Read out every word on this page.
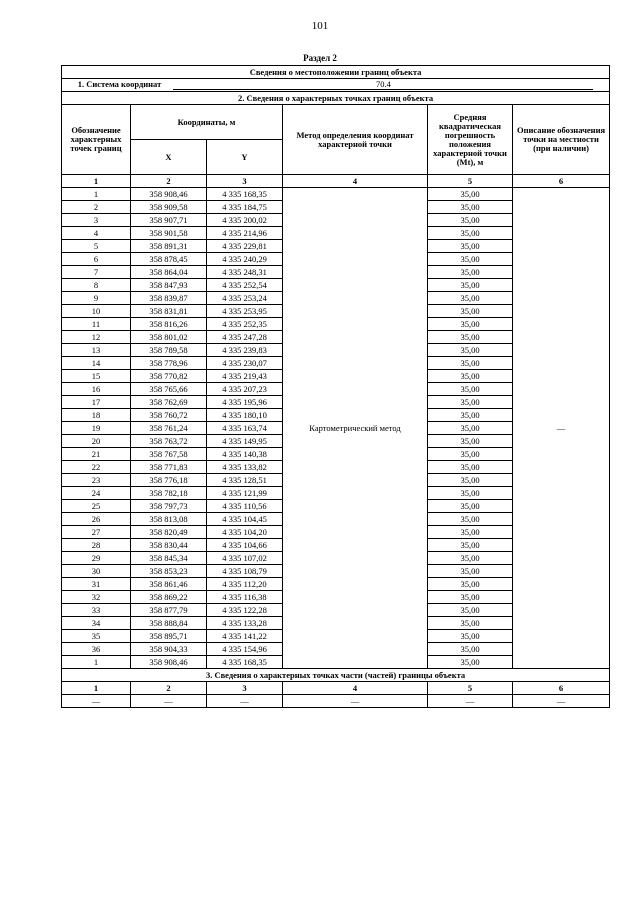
101
Раздел 2
Сведения о местоположении границ объекта					
1. Система координат 70.4					
2. Сведения о характерных точках границ объекта					
Обозначение характерных точек границ	Координаты, м		Метод определения координат характерной точки	Средняя квадратическая погрешность положения характерной точки (Mt), м	Описание обозначения точки на местности (при наличии)
	X	Y			
1	2	3	4	5	6
1	358 908,46	4 335 168,35	Картометрический метод	35,00	—
2	358 909,58	4 335 184,75		35,00	
3	358 907,71	4 335 200,02		35,00	
4	358 901,58	4 335 214,96		35,00	
5	358 891,31	4 335 229,81		35,00	
6	358 878,45	4 335 240,29		35,00	
7	358 864,04	4 335 248,31		35,00	
8	358 847,93	4 335 252,54		35,00	
9	358 839,87	4 335 253,24		35,00	
10	358 831,81	4 335 253,95		35,00	
11	358 816,26	4 335 252,35		35,00	
12	358 801,02	4 335 247,28		35,00	
13	358 789,58	4 335 239,83		35,00	
14	358 778,96	4 335 230,07		35,00	
15	358 770,82	4 335 219,43		35,00	
16	358 765,66	4 335 207,23		35,00	
17	358 762,69	4 335 195,96		35,00	
18	358 760,72	4 335 180,10		35,00	
19	358 761,24	4 335 163,74		35,00	
20	358 763,72	4 335 149,95		35,00	
21	358 767,58	4 335 140,38		35,00	
22	358 771,83	4 335 133,82		35,00	
23	358 776,18	4 335 128,51		35,00	
24	358 782,18	4 335 121,99		35,00	
25	358 797,73	4 335 110,56		35,00	
26	358 813,08	4 335 104,45		35,00	
27	358 820,49	4 335 104,20		35,00	
28	358 830,44	4 335 104,66		35,00	
29	358 845,34	4 335 107,02		35,00	
30	358 853,23	4 335 108,79		35,00	
31	358 861,46	4 335 112,20		35,00	
32	358 869,22	4 335 116,38		35,00	
33	358 877,79	4 335 122,28		35,00	
34	358 888,84	4 335 133,28		35,00	
35	358 895,71	4 335 141,22		35,00	
36	358 904,33	4 335 154,96		35,00	
1	358 908,46	4 335 168,35		35,00	
3. Сведения о характерных точках части (частей) границы объекта					
1	2	3	4	5	6
—	—	—	—	—	—
